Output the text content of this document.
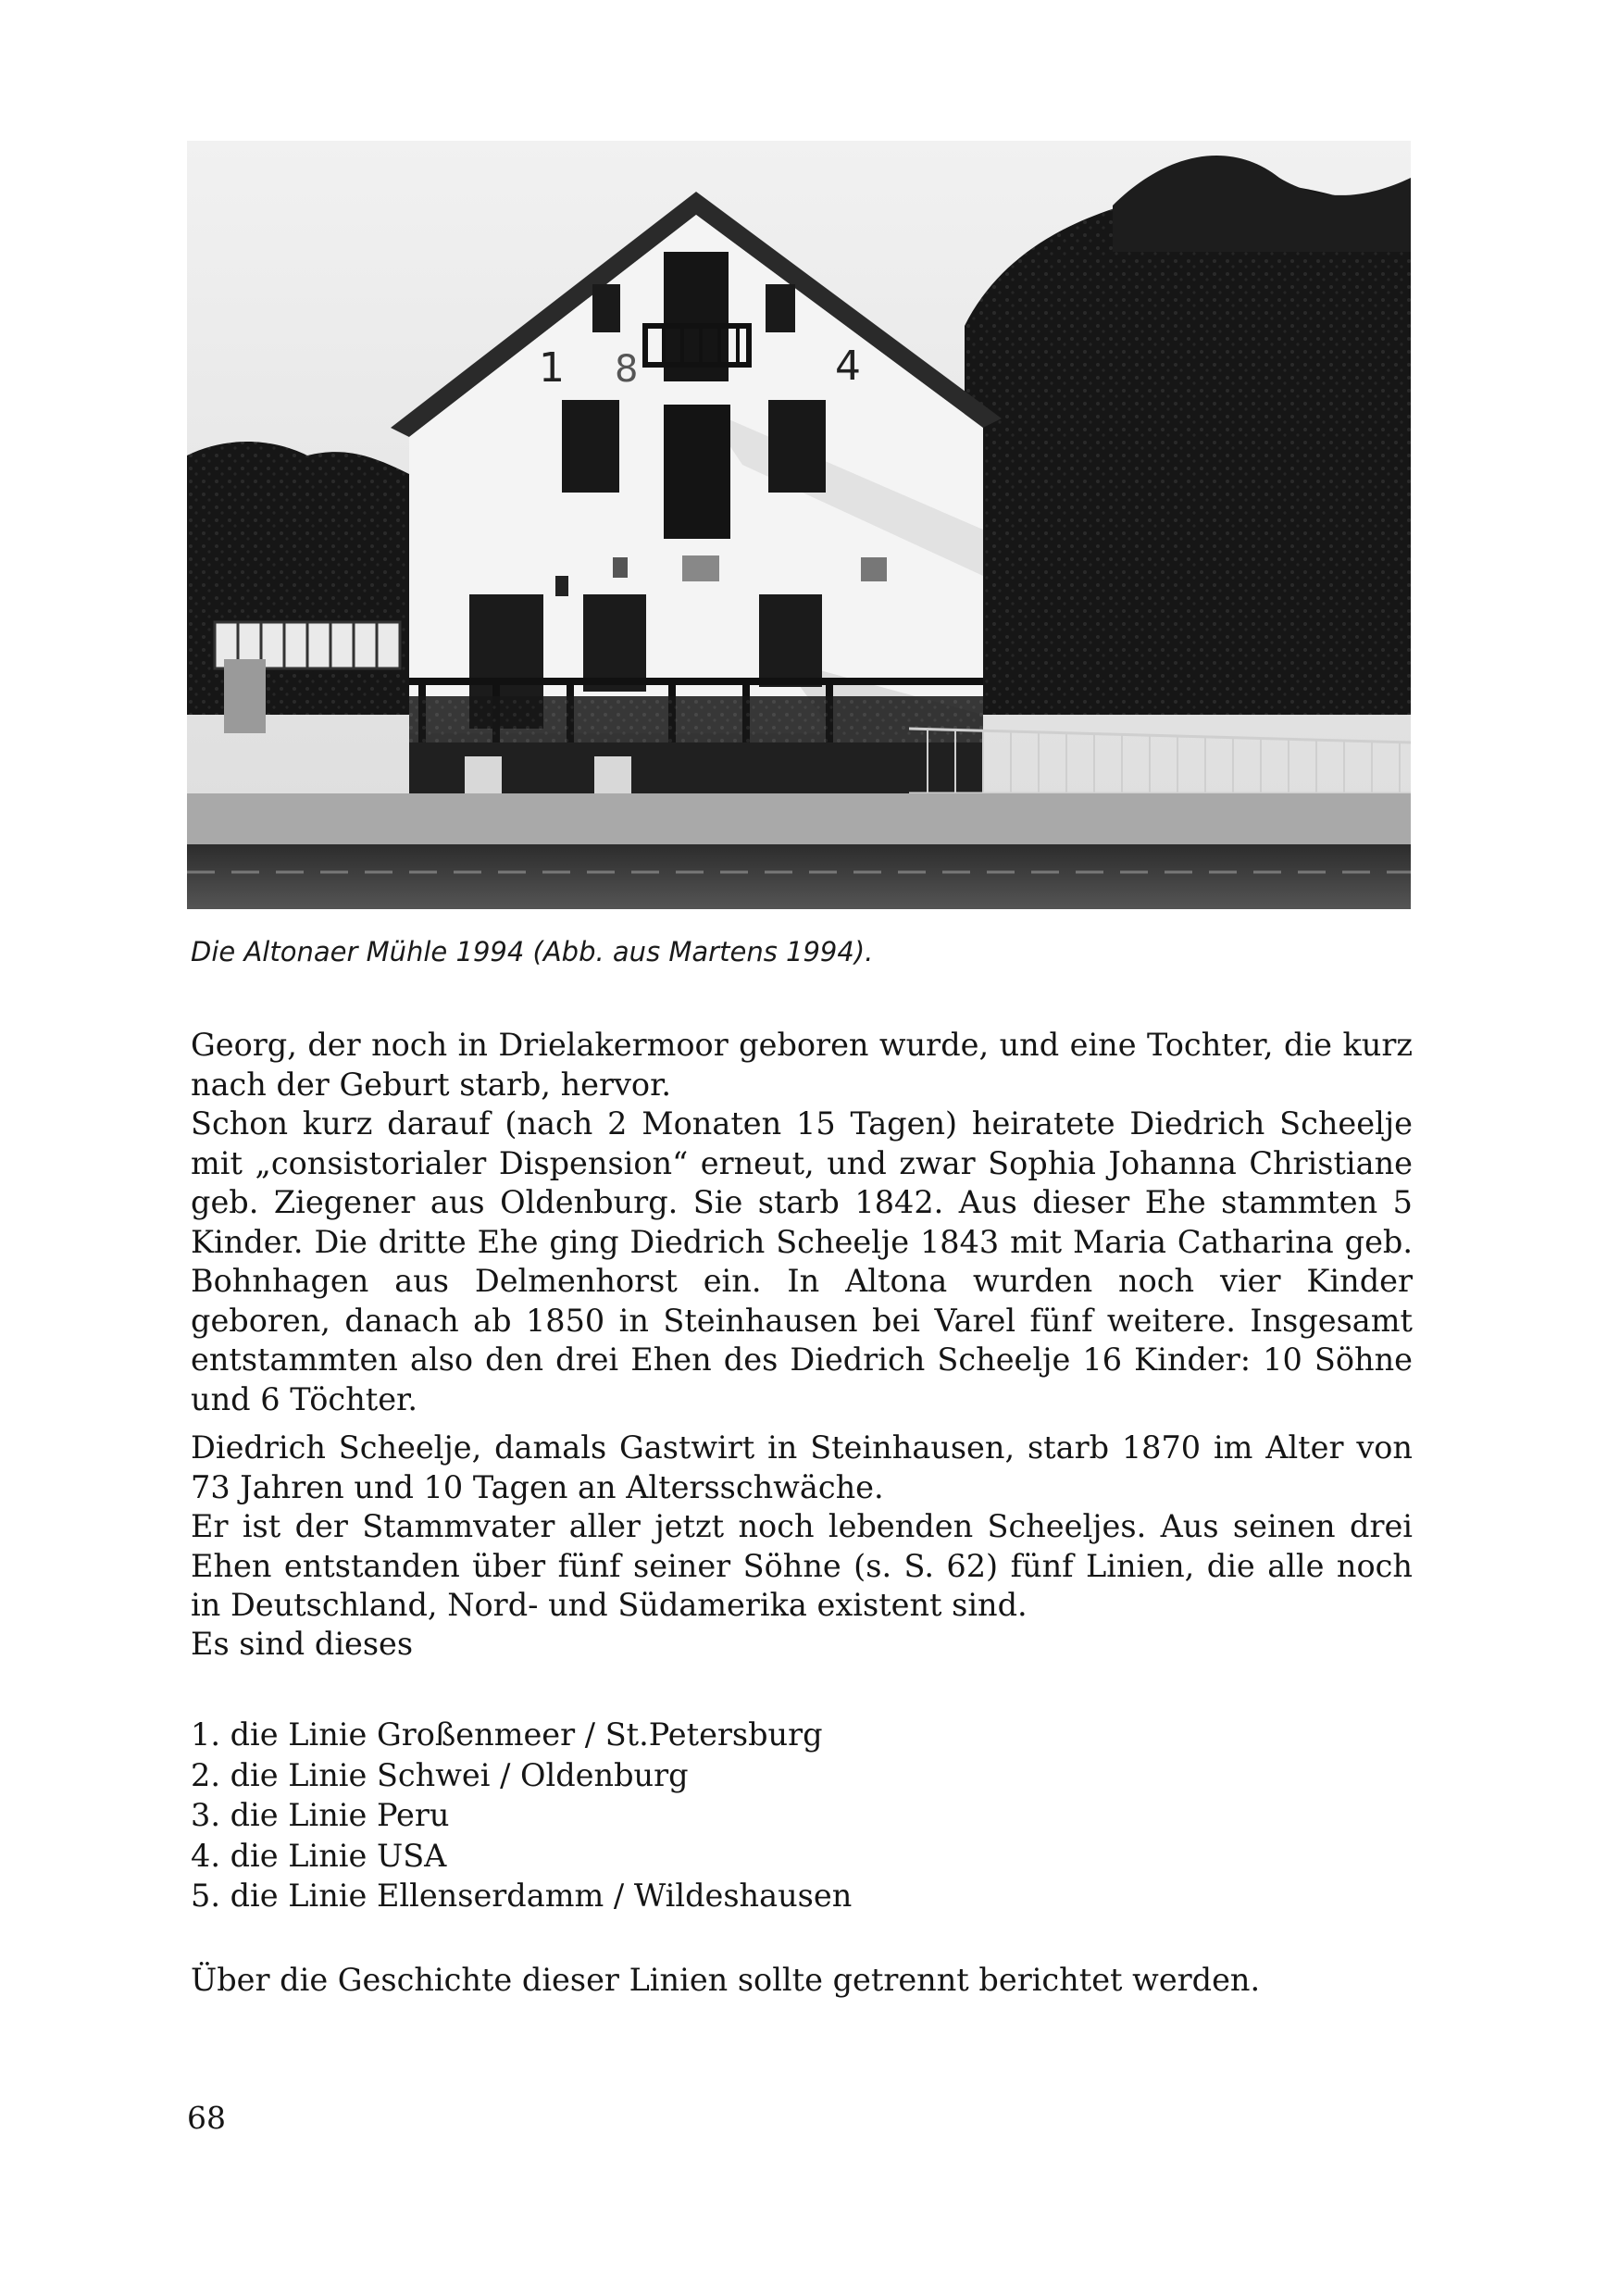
1 8	4
Die Altonaer Mühle 1994 (Abb. aus Martens 1994).
Georg, der noch in Drielakermoor geboren wurde, und eine Tochter, die kurz nach der Geburt starb, hervor.
Schon kurz darauf (nach 2 Monaten 15 Tagen) heiratete Diedrich Scheelje mit „consistorialer Dispension“ erneut, und zwar Sophia Johanna Christiane geb. Ziegener aus Oldenburg. Sie starb 1842. Aus dieser Ehe stammten 5 Kinder. Die dritte Ehe ging Diedrich Scheelje 1843 mit Maria Catharina geb. Bohnhagen aus Delmenhorst ein. In Altona wurden noch vier Kinder geboren, danach ab 1850 in Steinhausen bei Varel fünf weitere. Insgesamt entstammten also den drei Ehen des Diedrich Scheelje 16 Kinder: 10 Söhne und 6 Töchter.
Diedrich Scheelje, damals Gastwirt in Steinhausen, starb 1870 im Alter von 73 Jahren und 10 Tagen an Altersschwäche.
Er ist der Stammvater aller jetzt noch lebenden Scheeljes. Aus seinen drei Ehen entstanden über fünf seiner Söhne (s. S. 62) fünf Linien, die alle noch in Deutschland, Nord- und Südamerika existent sind.
Es sind dieses
1. die Linie Großenmeer / St.Petersburg
2. die Linie Schwei / Oldenburg
3. die Linie Peru
4. die Linie USA
5. die Linie Ellenserdamm / Wildeshausen
Über die Geschichte dieser Linien sollte getrennt berichtet werden.
68
